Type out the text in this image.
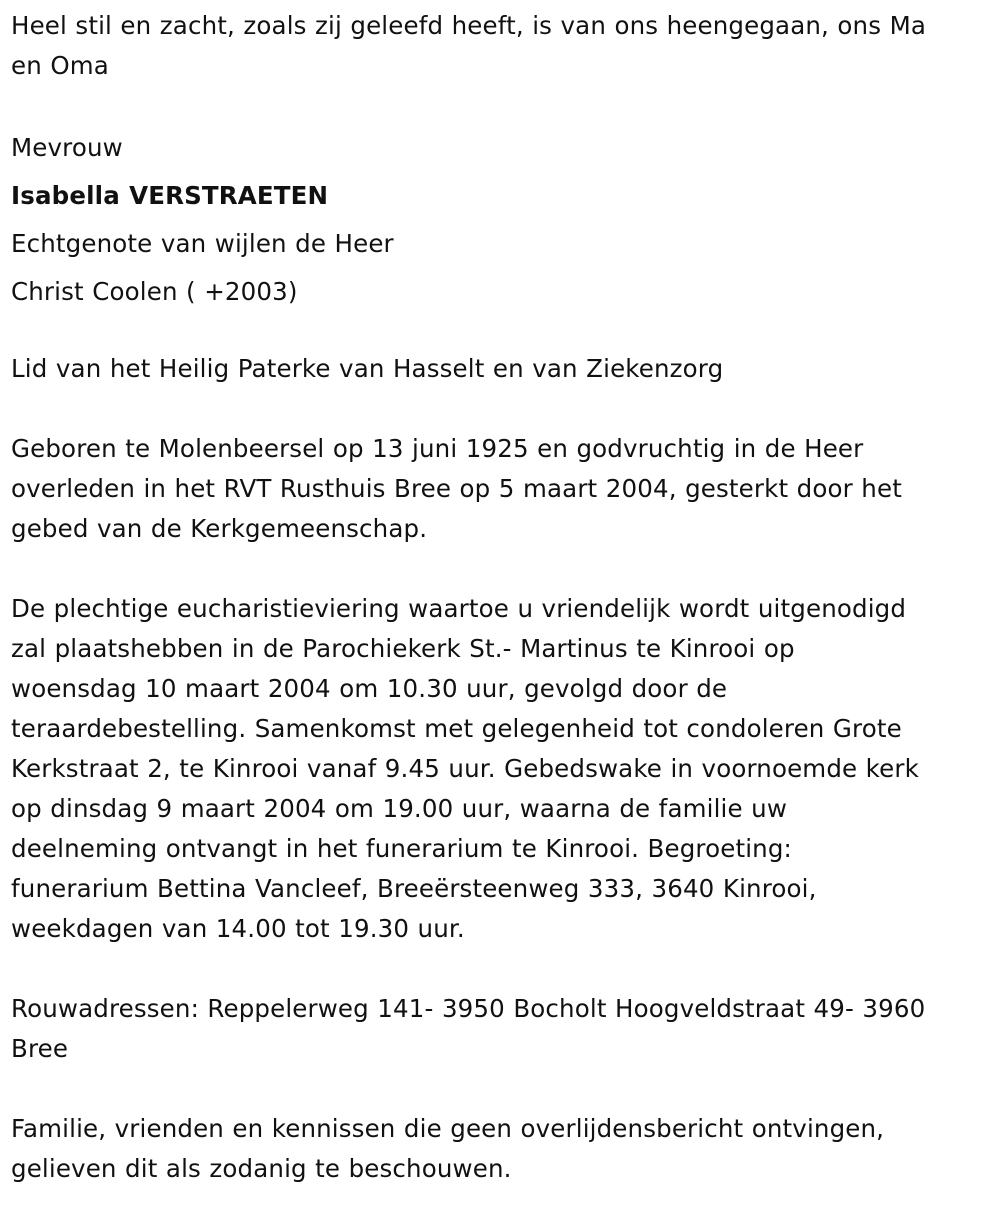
Heel stil en zacht, zoals zij geleefd heeft, is van ons heengegaan, ons Ma
en Oma
Mevrouw
Isabella VERSTRAETEN
Echtgenote van wijlen de Heer
Christ Coolen ( +2003)
Lid van het Heilig Paterke van Hasselt en van Ziekenzorg
Geboren te Molenbeersel op 13 juni 1925 en godvruchtig in de Heer
overleden in het RVT Rusthuis Bree op 5 maart 2004, gesterkt door het
gebed van de Kerkgemeenschap.
De plechtige eucharistieviering waartoe u vriendelijk wordt uitgenodigd
zal plaatshebben in de Parochiekerk St.- Martinus te Kinrooi op
woensdag 10 maart 2004 om 10.30 uur, gevolgd door de
teraardebestelling. Samenkomst met gelegenheid tot condoleren Grote
Kerkstraat 2, te Kinrooi vanaf 9.45 uur. Gebedswake in voornoemde kerk
op dinsdag 9 maart 2004 om 19.00 uur, waarna de familie uw
deelneming ontvangt in het funerarium te Kinrooi. Begroeting:
funerarium Bettina Vancleef, Breeërsteenweg 333, 3640 Kinrooi,
weekdagen van 14.00 tot 19.30 uur.
Rouwadressen: Reppelerweg 141- 3950 Bocholt Hoogveldstraat 49- 3960
Bree
Familie, vrienden en kennissen die geen overlijdensbericht ontvingen,
gelieven dit als zodanig te beschouwen.
